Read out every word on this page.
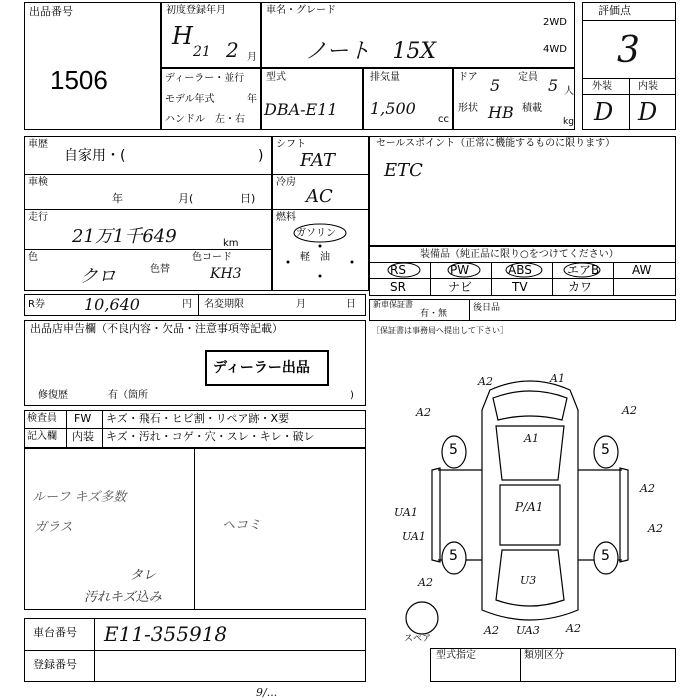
出品番号
1506
初度登録年月
H
21 2 月
車名・グレード
ノート　15X
2WD
4WD
評価点
3
外装	内装
D D
ディーラー・並行
モデル年式	年
ハンドル　左・右
型式
DBA-E11
排気量
1,500
cc
ドア 5 定員 5 人
形状 HB 積載
kg
車歴
自家用・(	)
車検
年	月(	日)
走行
21万1千649	km
色
クロ	色替
色コード
KH3
シフト
FAT
冷房
AC
燃料
ガソリン
軽　油
セールスポイント（正常に機能するものに限ります）
ETC
装備品（純正品に限り○をつけてください）
RS	PW	ABS	エアB	AW
SR	ナビ	TV	カワ
R券 10,640	円 名変期限	月	日 新車保証書
有・無
後日品
［保証書は事務局へ提出して下さい］
出品店申告欄（不良内容・欠品・注意事項等記載）
ディーラー出品
修復歴	有（箇所	)
検査員
記入欄
FW キズ・飛石・ヒビ割・リペア跡・X要
内装 キズ・汚れ・コゲ・穴・スレ・キレ・破レ
ルーフ キズ多数
ガラス	ヘコミ
タレ
汚れキズ込み
車台番号 E11-355918
登録番号
型式指定	類別区分
5	5
5	5
スペア
P/A1
A2	A1
A2	A2
A1
A2
UA1
UA1
A2
U3
A2
A2 UA3 A2
9/...
